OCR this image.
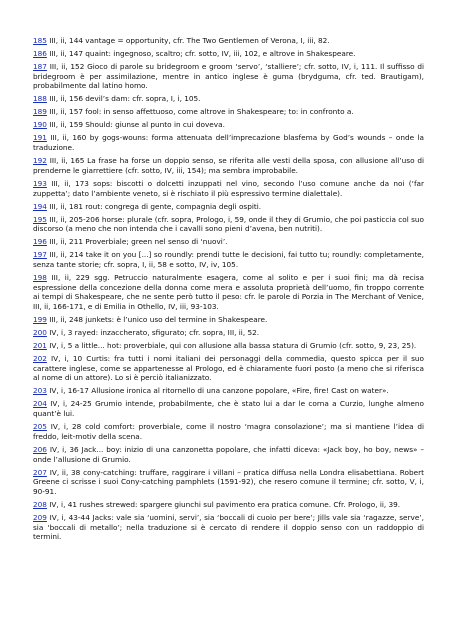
185 III, ii, 144 vantage = opportunity, cfr. The Two Gentlemen of Verona, I, iii, 82.

186 III, ii, 147 quaint: ingegnoso, scaltro; cfr. sotto, IV, iii, 102, e altrove in Shakespeare.

187 III, ii, 152 Gioco di parole su bridegroom e groom ‘servo’, ‘stalliere’; cfr. sotto, IV, i, 111. Il suffisso di bridegroom è per assimilazione, mentre in antico inglese è guma (brydguma, cfr. ted. Brautigam), probabilmente dal latino homo.

188 III, ii, 156 devil’s dam: cfr. sopra, I, i, 105.

189 III, ii, 157 fool: in senso affettuoso, come altrove in Shakespeare; to: in confronto a.

190 III, ii, 159 Should: giunse al punto in cui doveva.

191 III, ii, 160 by gogs-wouns: forma attenuata dell’imprecazione blasfema by God’s wounds – onde la traduzione.

192 III, ii, 165 La frase ha forse un doppio senso, se riferita alle vesti della sposa, con allusione all’uso di prenderne le giarrettiere (cfr. sotto, IV, iii, 154); ma sembra improbabile.

193 III, ii, 173 sops: biscotti o dolcetti inzuppati nel vino, secondo l’uso comune anche da noi (‘far zuppetta’; dato l’ambiente veneto, si è rischiato il più espressivo termine dialettale).

194 III, ii, 181 rout: congrega di gente, compagnia degli ospiti.

195 III, ii, 205-206 horse: plurale (cfr. sopra, Prologo, i, 59, onde il they di Grumio, che poi pasticcia col suo discorso (a meno che non intenda che i cavalli sono pieni d’avena, ben nutriti).

196 III, ii, 211 Proverbiale; green nel senso di ‘nuovi’.

197 III, ii, 214 take it on you [...] so roundly: prendi tutte le decisioni, fai tutto tu; roundly: completamente, senza tante storie; cfr. sopra, I, ii, 58 e sotto, IV, iv, 105.

198 III, ii, 229 sgg. Petruccio naturalmente esagera, come al solito e per i suoi fini; ma dà recisa espressione della concezione della donna come mera e assoluta proprietà dell’uomo, fin troppo corrente ai tempi di Shakespeare, che ne sente però tutto il peso: cfr. le parole di Porzia in The Merchant of Venice, III, ii, 166-171, e di Emilia in Othello, IV, iii, 93-103.

199 III, ii, 248 junkets: è l’unico uso del termine in Shakespeare.

200 IV, i, 3 rayed: inzaccherato, sfigurato; cfr. sopra, III, ii, 52.

201 IV, i, 5 a little... hot: proverbiale, qui con allusione alla bassa statura di Grumio (cfr. sotto, 9, 23, 25).

202 IV, i, 10 Curtis: fra tutti i nomi italiani dei personaggi della commedia, questo spicca per il suo carattere inglese, come se appartenesse al Prologo, ed è chiaramente fuori posto (a meno che si riferisca al nome di un attore). Lo si è perciò italianizzato.

203 IV, i, 16-17 Allusione ironica al ritornello di una canzone popolare, «Fire, fire! Cast on water».

204 IV, i, 24-25 Grumio intende, probabilmente, che è stato lui a dar le corna a Curzio, lunghe almeno quant’è lui.

205 IV, i, 28 cold comfort: proverbiale, come il nostro ‘magra consolazione’; ma si mantiene l’idea di freddo, leit-motiv della scena.

206 IV, i, 36 Jack... boy: inizio di una canzonetta popolare, che infatti diceva: «Jack boy, ho boy, news» – onde l’allusione di Grumio.

207 IV, ii, 38 cony-catching: truffare, raggirare i villani – pratica diffusa nella Londra elisabettiana. Robert Greene ci scrisse i suoi Cony-catching pamphlets (1591-92), che resero comune il termine; cfr. sotto, V, i, 90-91.

208 IV, i, 41 rushes strewed: spargere giunchi sul pavimento era pratica comune. Cfr. Prologo, ii, 39.

209 IV, i, 43-44 Jacks: vale sia ‘uomini, servi’, sia ‘boccali di cuoio per bere’; Jills vale sia ‘ragazze, serve’, sia ‘boccali di metallo’; nella traduzione si è cercato di rendere il doppio senso con un raddoppio di termini.
